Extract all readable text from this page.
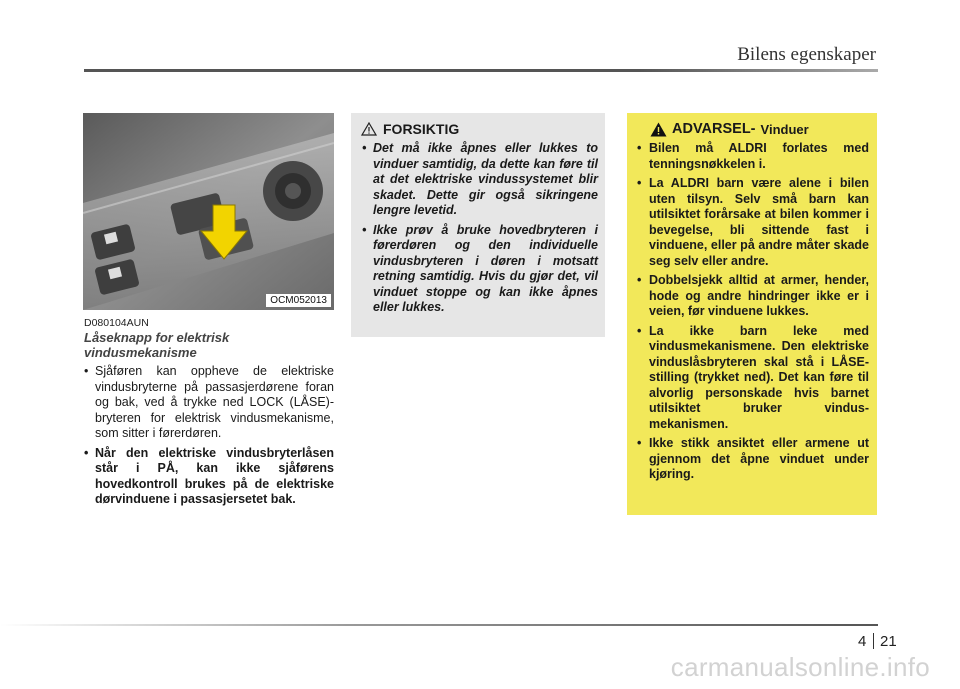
Bilens egenskaper
OCM052013
D080104AUN
Låseknapp for elektrisk vindusmekanisme
• Sjåføren kan oppheve de elektriske vindusbryterne på passasjerdørene foran og bak, ved å trykke ned LOCK (LÅSE)-bryteren for elektrisk vindusmekanisme, som sitter i førerdøren.
• Når den elektriske vindusbryterlåsen står i PÅ, kan ikke sjåførens hovedkontroll brukes på de elektriske dørvinduene i passasjersetet bak.
FORSIKTIG
• Det må ikke åpnes eller lukkes to vinduer samtidig, da dette kan føre til at det elektriske vindussystemet blir skadet. Dette gir også sikringene lengre levetid.
• Ikke prøv å bruke hovedbryteren i førerdøren og den individuelle vindusbryteren i døren i motsatt retning samtidig. Hvis du gjør det, vil vinduet stoppe og kan ikke åpnes eller lukkes.
ADVARSEL- Vinduer
• Bilen må ALDRI forlates med tenningsnøkkelen i.
• La ALDRI barn være alene i bilen uten tilsyn. Selv små barn kan utilsiktet forårsake at bilen kommer i bevegelse, bli sittende fast i vinduene, eller på andre måter skade seg selv eller andre.
• Dobbelsjekk alltid at armer, hender, hode og andre hindringer ikke er i veien, før vinduene lukkes.
• La ikke barn leke med vindusmekanismene. Den elektriske vinduslåsbryteren skal stå i LÅSE-stilling (trykket ned). Det kan føre til alvorlig personskade hvis barnet utilsiktet bruker vindus-mekanismen.
• Ikke stikk ansiktet eller armene ut gjennom det åpne vinduet under kjøring.
4 21
carmanualsonline.info
